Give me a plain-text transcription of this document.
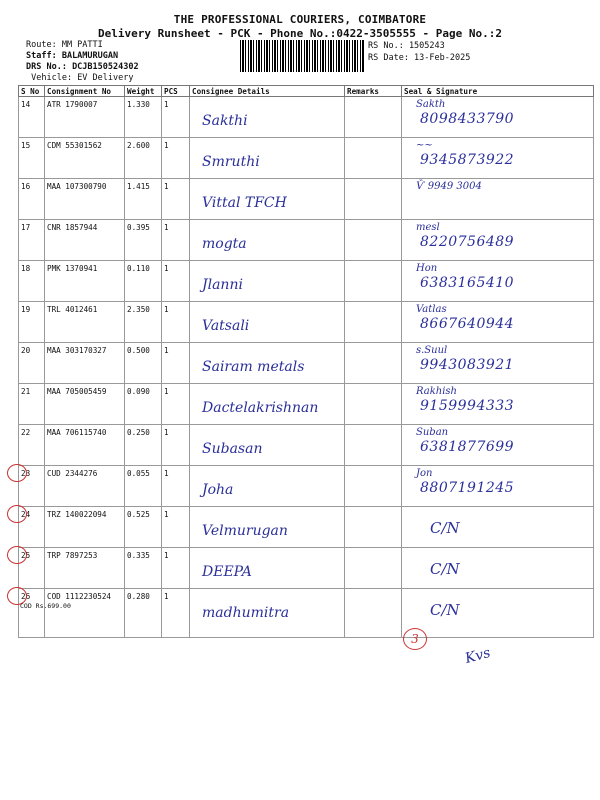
THE PROFESSIONAL COURIERS, COIMBATORE
Delivery Runsheet - PCK - Phone No.:0422-3505555 - Page No.:2
Route: MM PATTI
Staff: BALAMURUGAN
DRS No.: DCJB150524302
Vehicle: EV Delivery
RS No.: 1505243
RS Date: 13-Feb-2025
S No	Consignment No	Weight	PCS	Consignee Details	Remarks	Seal & Signature
14	ATR 1790007	1.330	1	Sakthi		Sakth
8098433790

15	CDM 55301562	2.600	1	Smruthi		~~
9345873922

16	MAA 107300790	1.415	1	Vittal TFCH		Ѷ 9949 3004

17	CNR 1857944	0.395	1	mogta		mesl
8220756489

18	PMK 1370941	0.110	1	Jlanni		Hon
6383165410

19	TRL 4012461	2.350	1	Vatsali		Vatlas
8667640944

20	MAA 303170327	0.500	1	Sairam metals		s.Suul
9943083921

21	MAA 705005459	0.090	1	Dactelakrishnan		Rakhish
9159994333

22	MAA 706115740	0.250	1	Subasan		Suban
6381877699

23	CUD 2344276	0.055	1	Joha		Jon
8807191245

24	TRZ 140022094	0.525	1	Velmurugan		C/N

25	TRP 7897253	0.335	1	DEEPA		C/N

26	COD 1112230524	0.280	1	madhumitra		C/N
COD Rs.699.00
3
Kvs
